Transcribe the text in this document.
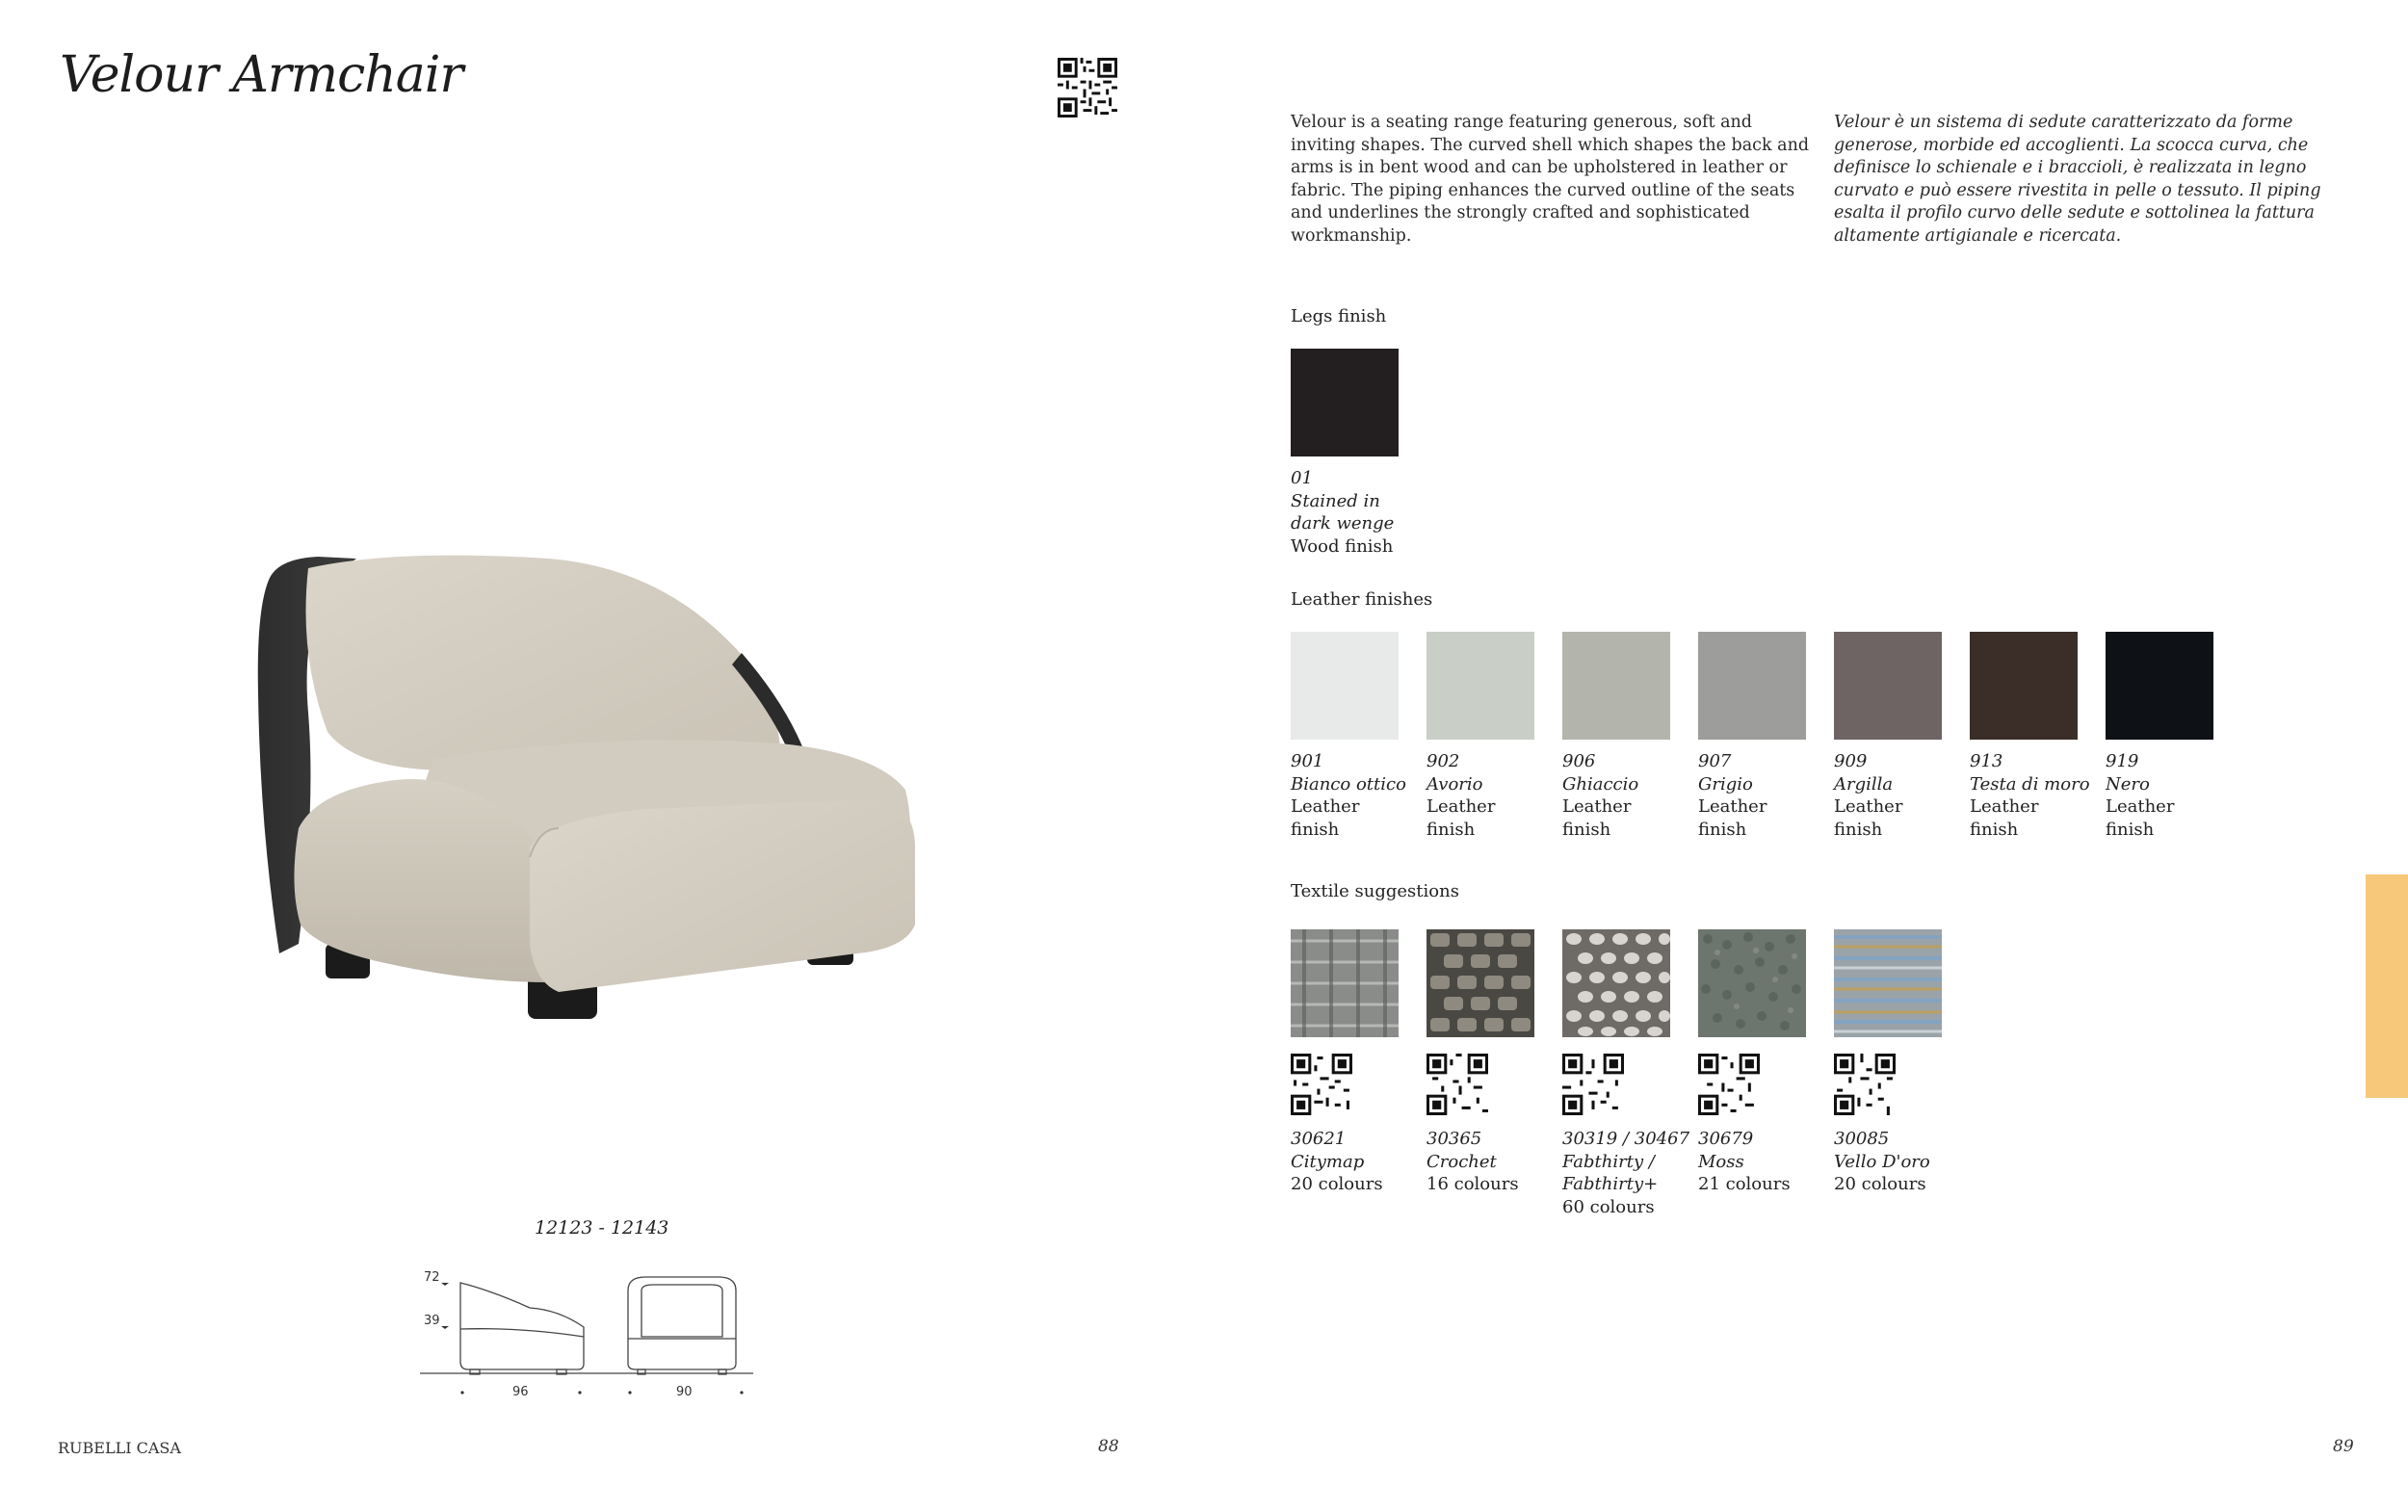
Velour Armchair
Velour is a seating range featuring generous, soft and inviting shapes. The curved shell which shapes the back and arms is in bent wood and can be upholstered in leather or fabric. The piping enhances the curved outline of the seats and underlines the strongly crafted and sophisticated workmanship.
Velour è un sistema di sedute caratterizzato da forme generose, morbide ed accoglienti. La scocca curva, che definisce lo schienale e i braccioli, è realizzata in legno curvato e può essere rivestita in pelle o tessuto. Il piping esalta il profilo curvo delle sedute e sottolinea la fattura altamente artigianale e ricercata.
12123 - 12143
72
39
96	90
Legs finish
01
Stained in
dark wenge
Wood finish
Leather finishes
901
Bianco ottico
Leather
finish
902
Avorio
Leather
finish
906
Ghiaccio
Leather
finish
907
Grigio
Leather
finish
909
Argilla
Leather
finish
913
Testa di moro
Leather
finish
919
Nero
Leather
finish
Textile suggestions
30621
Citymap
20 colours
30365
Crochet
16 colours
30319 / 30467
Fabthirty /
Fabthirty+
60 colours
30679
Moss
21 colours
30085
Vello D'oro
20 colours
RUBELLI CASA	88	89
